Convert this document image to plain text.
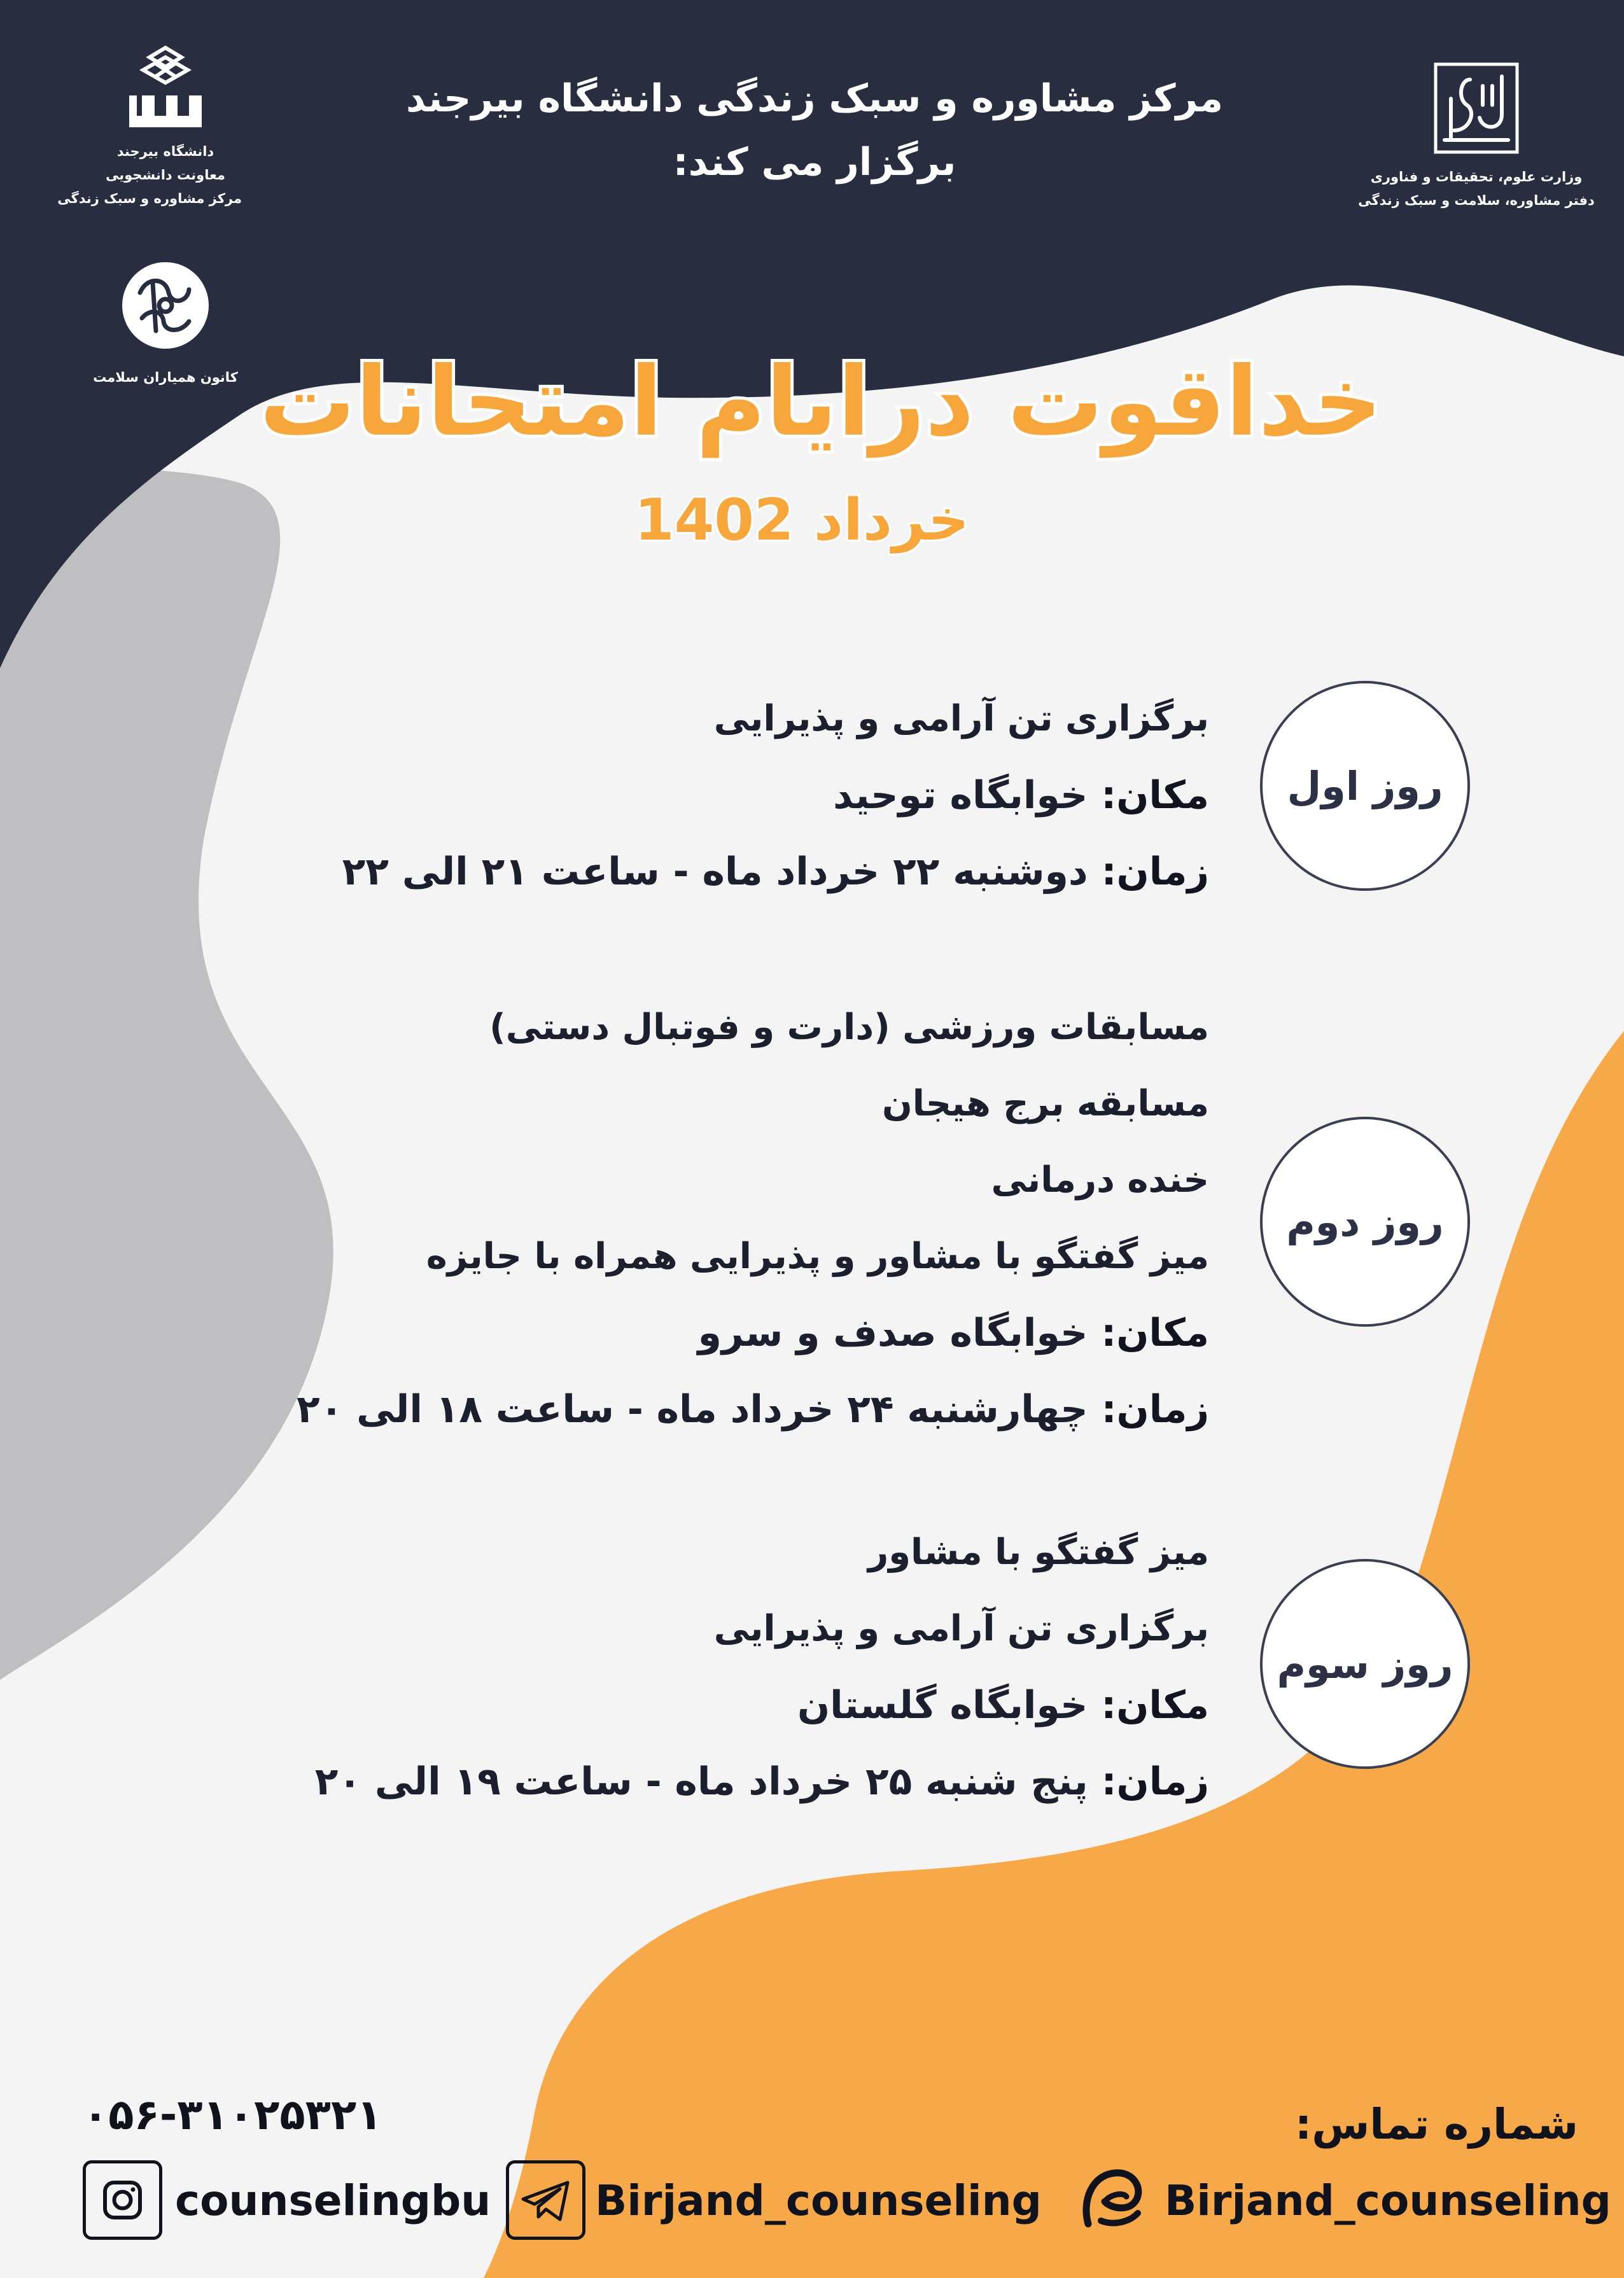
مرکز مشاوره و سبک زندگی دانشگاه بیرجند
برگزار می کند:
دانشگاه بیرجند
معاونت دانشجویی
مرکز مشاوره و سبک زندگی
کانون همیاران سلامت
وزارت علوم، تحقیقات و فناوری
دفتر مشاوره، سلامت و سبک زندگی
خداقوت درایام امتحانات
خرداد 1402
روز اول
برگزاری تن آرامی و پذیرایی
مکان: خوابگاه توحید
زمان: دوشنبه ۲۲ خرداد ماه - ساعت ۲۱ الی ۲۲
روز دوم
مسابقات ورزشی (دارت و فوتبال دستی)
مسابقه برج هیجان
خنده درمانی
میز گفتگو با مشاور و پذیرایی همراه با جایزه
مکان: خوابگاه صدف و سرو
زمان: چهارشنبه ۲۴ خرداد ماه - ساعت ۱۸ الی ۲۰
روز سوم
میز گفتگو با مشاور
برگزاری تن آرامی و پذیرایی
مکان: خوابگاه گلستان
زمان: پنج شنبه ۲۵ خرداد ماه - ساعت ۱۹ الی ۲۰
شماره تماس:
۰۵۶-۳۱۰۲۵۳۲۱
counselingbu Birjand_counseling	Birjand_counseling
